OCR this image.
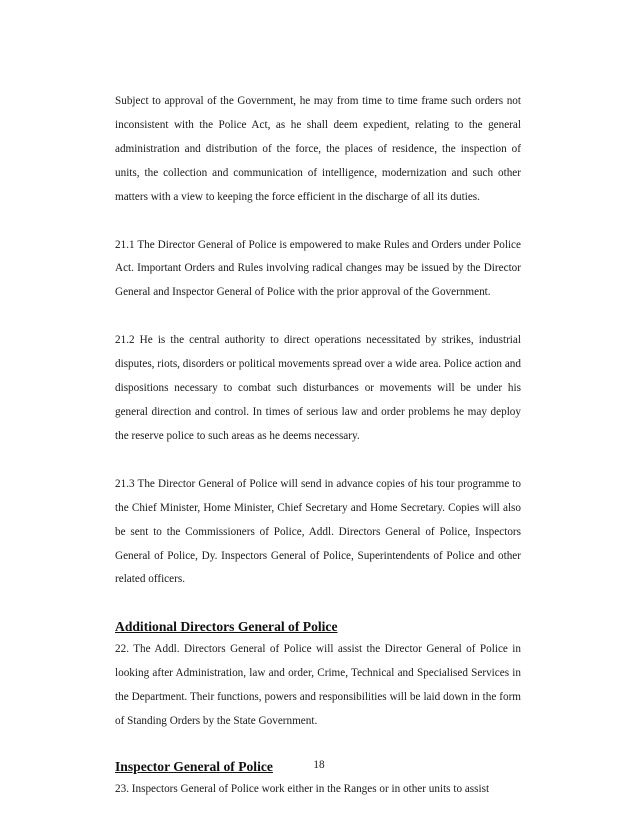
Subject to approval of the Government, he may from time to time frame such orders not inconsistent with the Police Act, as he shall deem expedient, relating to the general administration and distribution of the force, the places of residence, the inspection of units, the collection and communication of intelligence, modernization and such other matters with a view to keeping the force efficient in the discharge of all its duties.

21.1 The Director General of Police is empowered to make Rules and Orders under Police Act. Important Orders and Rules involving radical changes may be issued by the Director General and Inspector General of Police with the prior approval of the Government.

21.2 He is the central authority to direct operations necessitated by strikes, industrial disputes, riots, disorders or political movements spread over a wide area. Police action and dispositions necessary to combat such disturbances or movements will be under his general direction and control. In times of serious law and order problems he may deploy the reserve police to such areas as he deems necessary.

21.3 The Director General of Police will send in advance copies of his tour programme to the Chief Minister, Home Minister, Chief Secretary and Home Secretary. Copies will also be sent to the Commissioners of Police, Addl. Directors General of Police, Inspectors General of Police, Dy. Inspectors General of Police, Superintendents of Police and other related officers.

Additional Directors General of Police

22. The Addl. Directors General of Police will assist the Director General of Police in looking after Administration, law and order, Crime, Technical and Specialised Services in the Department. Their functions, powers and responsibilities will be laid down in the form of Standing Orders by the State Government.

Inspector General of Police

23. Inspectors General of Police work either in the Ranges or in other units to assist

18
